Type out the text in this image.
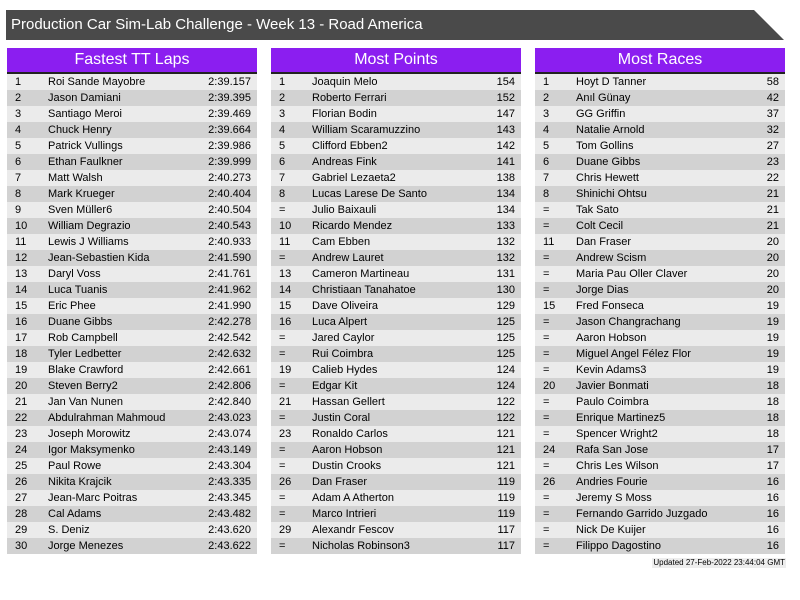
Production Car Sim-Lab Challenge - Week 13 - Road America
Fastest TT Laps
1 Roi Sande Mayobre	2:39.157
2 Jason Damiani	2:39.395
3 Santiago Meroi	2:39.469
4 Chuck Henry	2:39.664
5 Patrick Vullings	2:39.986
6 Ethan Faulkner	2:39.999
7 Matt Walsh	2:40.273
8 Mark Krueger	2:40.404
9 Sven Müller6	2:40.504
10 William Degrazio	2:40.543
11 Lewis J Williams	2:40.933
12 Jean-Sebastien Kida	2:41.590
13 Daryl Voss	2:41.761
14 Luca Tuanis	2:41.962
15 Eric Phee	2:41.990
16 Duane Gibbs	2:42.278
17 Rob Campbell	2:42.542
18 Tyler Ledbetter	2:42.632
19 Blake Crawford	2:42.661
20 Steven Berry2	2:42.806
21 Jan Van Nunen	2:42.840
22 Abdulrahman Mahmoud	2:43.023
23 Joseph Morowitz	2:43.074
24 Igor Maksymenko	2:43.149
25 Paul Rowe	2:43.304
26 Nikita Krajcik	2:43.335
27 Jean-Marc Poitras	2:43.345
28 Cal Adams	2:43.482
29 S. Deniz	2:43.620
30 Jorge Menezes	2:43.622
Most Points
1 Joaquin Melo	154
2 Roberto Ferrari	152
3 Florian Bodin	147
4 William Scaramuzzino	143
5 Clifford Ebben2	142
6 Andreas Fink	141
7 Gabriel Lezaeta2	138
8 Lucas Larese De Santo	134
= Julio Baixauli	134
10 Ricardo Mendez	133
11 Cam Ebben	132
= Andrew Lauret	132
13 Cameron Martineau	131
14 Christiaan Tanahatoe	130
15 Dave Oliveira	129
16 Luca Alpert	125
= Jared Caylor	125
= Rui Coimbra	125
19 Calieb Hydes	124
= Edgar Kit	124
21 Hassan Gellert	122
= Justin Coral	122
23 Ronaldo Carlos	121
= Aaron Hobson	121
= Dustin Crooks	121
26 Dan Fraser	119
= Adam A Atherton	119
= Marco Intrieri	119
29 Alexandr Fescov	117
= Nicholas Robinson3	117
Most Races
1 Hoyt D Tanner	58
2 Anıl Günay	42
3 GG Griffin	37
4 Natalie Arnold	32
5 Tom Gollins	27
6 Duane Gibbs	23
7 Chris Hewett	22
8 Shinichi Ohtsu	21
= Tak Sato	21
= Colt Cecil	21
11 Dan Fraser	20
= Andrew Scism	20
= Maria Pau Oller Claver	20
= Jorge Dias	20
15 Fred Fonseca	19
= Jason Changrachang	19
= Aaron Hobson	19
= Miguel Angel Félez Flor	19
= Kevin Adams3	19
20 Javier Bonmati	18
= Paulo Coimbra	18
= Enrique Martinez5	18
= Spencer Wright2	18
24 Rafa San Jose	17
= Chris Les Wilson	17
26 Andries Fourie	16
= Jeremy S Moss	16
= Fernando Garrido Juzgado	16
= Nick De Kuijer	16
= Filippo Dagostino	16
Updated 27-Feb-2022 23:44:04 GMT
